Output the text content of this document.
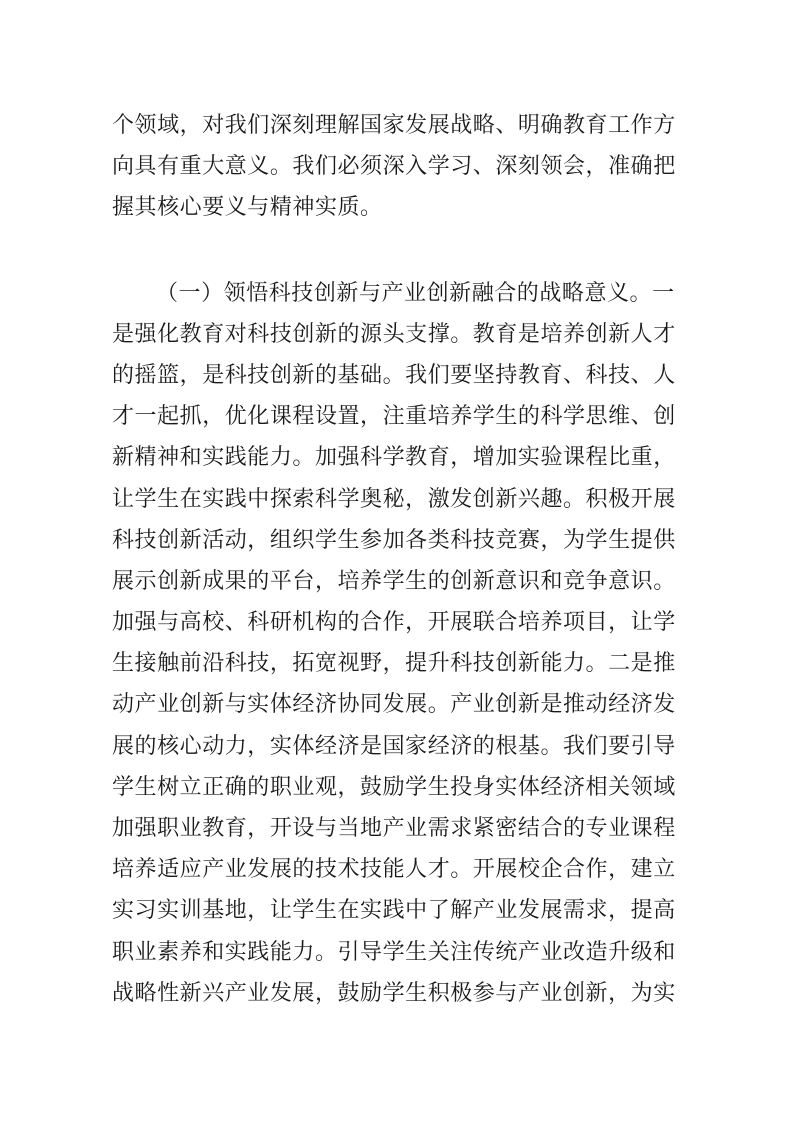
个领域，对我们深刻理解国家发展战略、明确教育工作方
向具有重大意义。我们必须深入学习、深刻领会，准确把
握其核心要义与精神实质。
（一）领悟科技创新与产业创新融合的战略意义。一
是强化教育对科技创新的源头支撑。教育是培养创新人才
的摇篮，是科技创新的基础。我们要坚持教育、科技、人
才一起抓，优化课程设置，注重培养学生的科学思维、创
新精神和实践能力。加强科学教育，增加实验课程比重，
让学生在实践中探索科学奥秘，激发创新兴趣。积极开展
科技创新活动，组织学生参加各类科技竞赛，为学生提供
展示创新成果的平台，培养学生的创新意识和竞争意识。
加强与高校、科研机构的合作，开展联合培养项目，让学
生接触前沿科技，拓宽视野，提升科技创新能力。二是推
动产业创新与实体经济协同发展。产业创新是推动经济发
展的核心动力，实体经济是国家经济的根基。我们要引导
学生树立正确的职业观，鼓励学生投身实体经济相关领域
加强职业教育，开设与当地产业需求紧密结合的专业课程
培养适应产业发展的技术技能人才。开展校企合作，建立
实习实训基地，让学生在实践中了解产业发展需求，提高
职业素养和实践能力。引导学生关注传统产业改造升级和
战略性新兴产业发展，鼓励学生积极参与产业创新，为实
